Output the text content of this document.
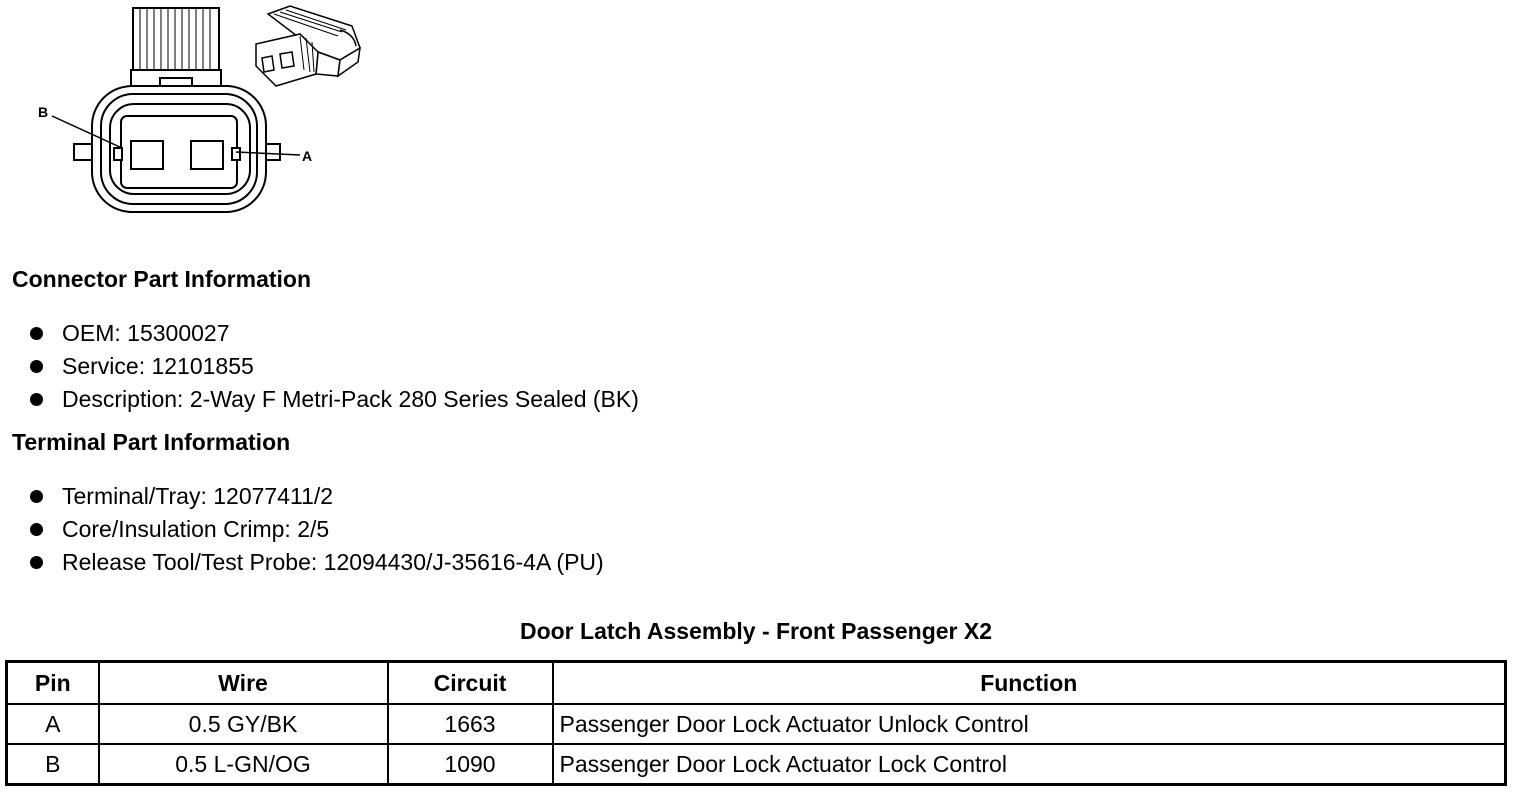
B
A
Connector Part Information
OEM: 15300027
Service: 12101855
Description: 2-Way F Metri-Pack 280 Series Sealed (BK)
Terminal Part Information
Terminal/Tray: 12077411/2
Core/Insulation Crimp: 2/5
Release Tool/Test Probe: 12094430/J-35616-4A (PU)
Door Latch Assembly - Front Passenger X2
Pin	Wire	Circuit	Function
A	0.5 GY/BK	1663	Passenger Door Lock Actuator Unlock Control
B	0.5 L-GN/OG	1090	Passenger Door Lock Actuator Lock Control
